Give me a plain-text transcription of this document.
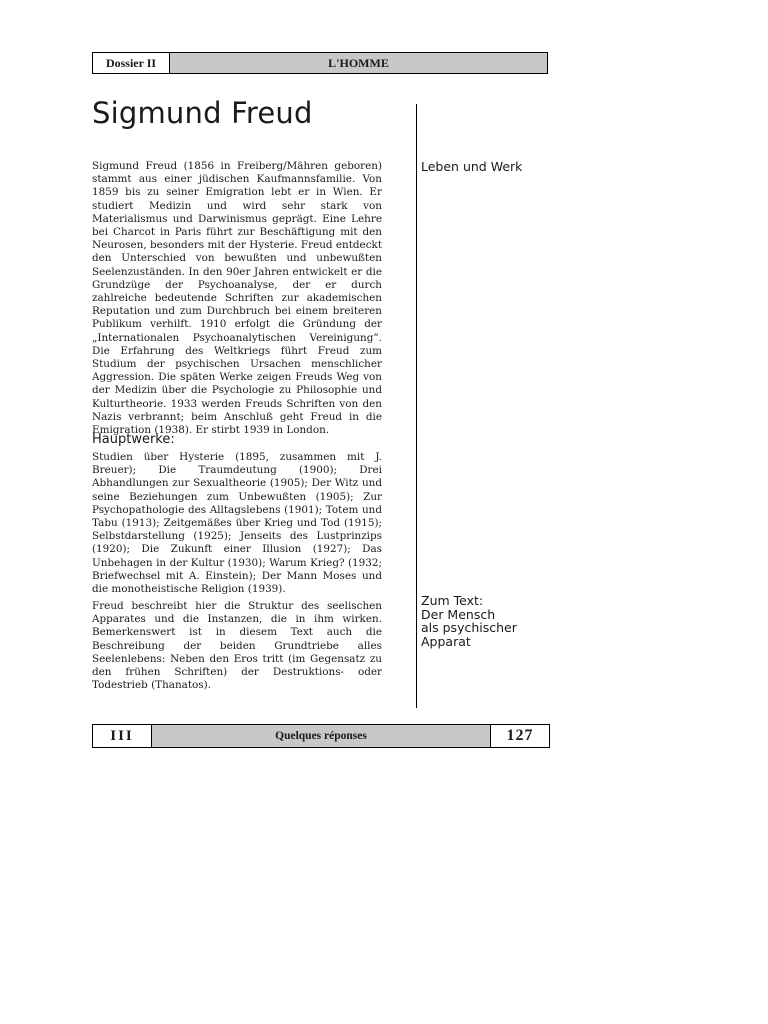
Dossier II	L'HOMME
Sigmund Freud

Sigmund Freud (1856 in Freiberg/Mähren geboren) stammt aus einer jüdischen Kaufmannsfamilie. Von 1859 bis zu seiner Emigration lebt er in Wien. Er studiert Medizin und wird sehr stark von Materialismus und Darwinismus geprägt. Eine Lehre bei Charcot in Paris führt zur Beschäftigung mit den Neurosen, besonders mit der Hysterie. Freud entdeckt den Unterschied von bewußten und unbewußten Seelenzuständen. In den 90er Jahren entwickelt er die Grundzüge der Psychoanalyse, der er durch zahlreiche bedeutende Schriften zur akademischen Reputation und zum Durchbruch bei einem breiteren Publikum verhilft. 1910 erfolgt die Gründung der „Internationalen Psychoanalytischen Vereinigung”. Die Erfahrung des Weltkriegs führt Freud zum Studium der psychischen Ursachen menschlicher Aggression. Die späten Werke zeigen Freuds Weg von der Medizin über die Psychologie zu Philosophie und Kulturtheorie. 1933 werden Freuds Schriften von den Nazis verbrannt; beim Anschluß geht Freud in die Emigration (1938). Er stirbt 1939 in London.

Hauptwerke:

Studien über Hysterie (1895, zusammen mit J. Breuer); Die Traumdeutung (1900); Drei Abhandlungen zur Sexualtheorie (1905); Der Witz und seine Beziehungen zum Unbewußten (1905); Zur Psychopathologie des Alltagslebens (1901); Totem und Tabu (1913); Zeitgemäßes über Krieg und Tod (1915); Selbstdarstellung (1925); Jenseits des Lustprinzips (1920); Die Zukunft einer Illusion (1927); Das Unbehagen in der Kultur (1930); Warum Krieg? (1932; Briefwechsel mit A. Einstein); Der Mann Moses und die monotheistische Religion (1939).

Freud beschreibt hier die Struktur des seelischen Apparates und die Instanzen, die in ihm wirken. Bemerkenswert ist in diesem Text auch die Beschreibung der beiden Grundtriebe alles Seelenlebens: Neben den Eros tritt (im Gegensatz zu den frühen Schriften) der Destruktions- oder Todestrieb (Thanatos).

Leben und Werk
Zum Text:
Der Mensch
als psychischer
Apparat
III	Quelques réponses	127
